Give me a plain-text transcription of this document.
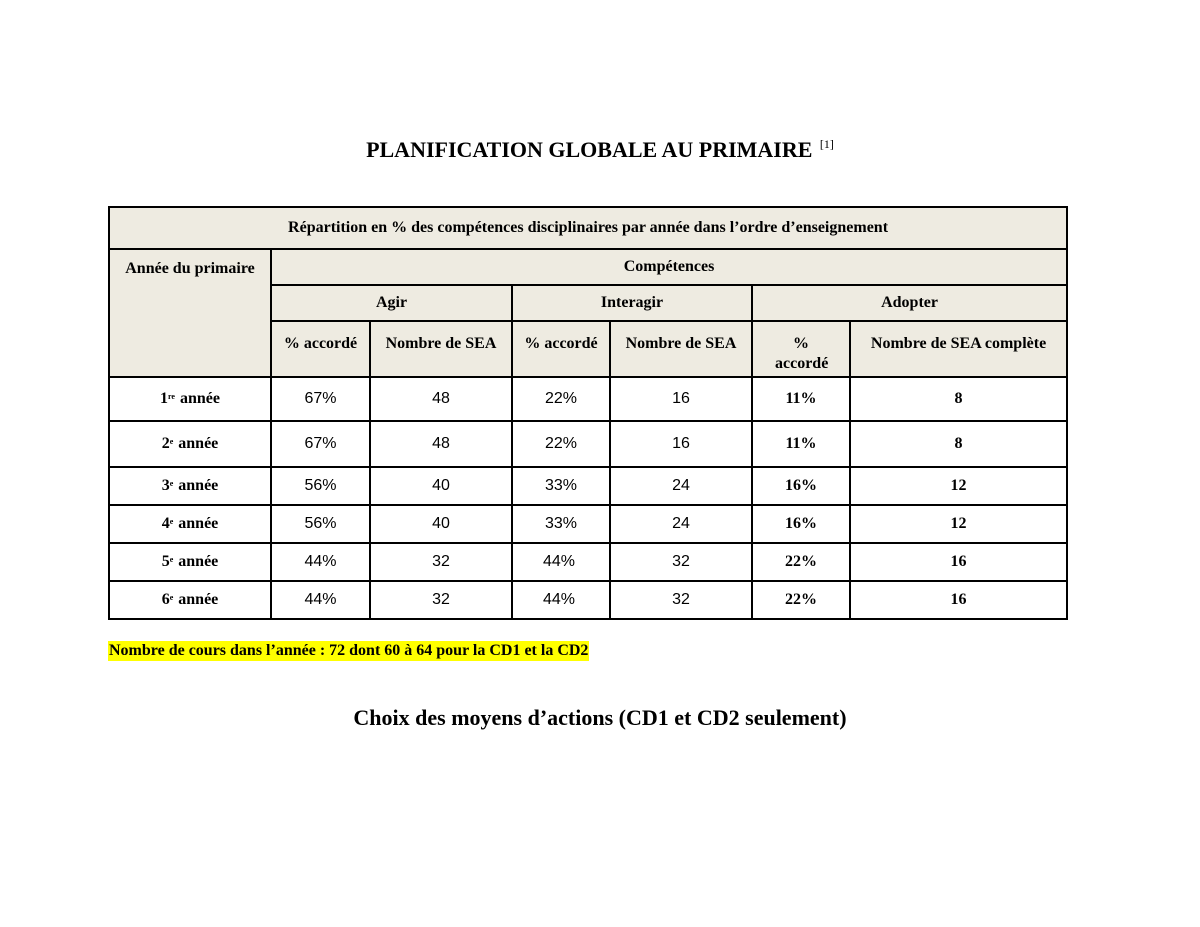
PLANIFICATION GLOBALE AU PRIMAIRE [1]
Répartition en % des compétences disciplinaires par année dans l’ordre d’enseignement						
Année du primaire	Compétences					
	Agir		Interagir		Adopter	
	% accordé	Nombre de SEA	% accordé	Nombre de SEA	% accordé	Nombre de SEA complète
1re année	67%	48	22%	16	11%	8
2e année	67%	48	22%	16	11%	8
3e année	56%	40	33%	24	16%	12
4e année	56%	40	33%	24	16%	12
5e année	44%	32	44%	32	22%	16
6e année	44%	32	44%	32	22%	16
Nombre de cours dans l’année : 72 dont 60 à 64 pour la CD1 et la CD2
Choix des moyens d’actions (CD1 et CD2 seulement)
